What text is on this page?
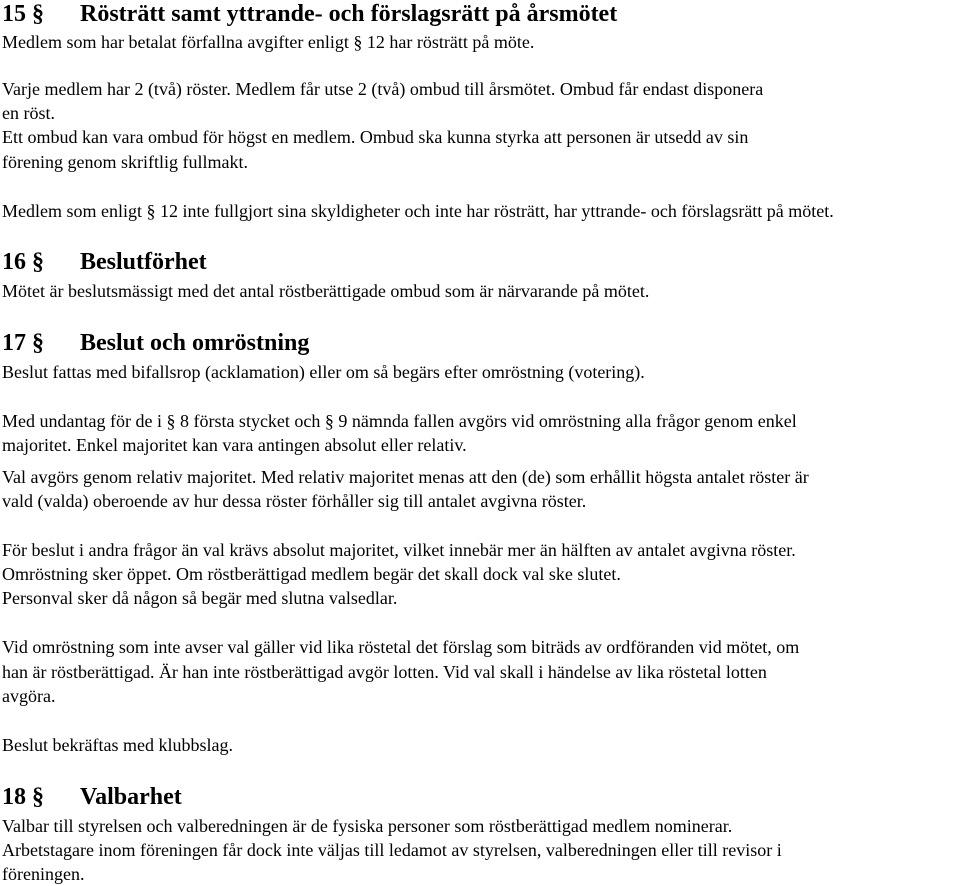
15 § Rösträtt samt yttrande- och förslagsrätt på årsmötet
Medlem som har betalat förfallna avgifter enligt § 12 har rösträtt på möte.
Varje medlem har 2 (två) röster. Medlem får utse 2 (två) ombud till årsmötet. Ombud får endast disponera
en röst.
Ett ombud kan vara ombud för högst en medlem. Ombud ska kunna styrka att personen är utsedd av sin
förening genom skriftlig fullmakt.
Medlem som enligt § 12 inte fullgjort sina skyldigheter och inte har rösträtt, har yttrande- och förslagsrätt på mötet.
16 § Beslutförhet
Mötet är beslutsmässigt med det antal röstberättigade ombud som är närvarande på mötet.
17 § Beslut och omröstning
Beslut fattas med bifallsrop (acklamation) eller om så begärs efter omröstning (votering).
Med undantag för de i § 8 första stycket och § 9 nämnda fallen avgörs vid omröstning alla frågor genom enkel
majoritet. Enkel majoritet kan vara antingen absolut eller relativ.
Val avgörs genom relativ majoritet. Med relativ majoritet menas att den (de) som erhållit högsta antalet röster är
vald (valda) oberoende av hur dessa röster förhåller sig till antalet avgivna röster.
För beslut i andra frågor än val krävs absolut majoritet, vilket innebär mer än hälften av antalet avgivna röster.
Omröstning sker öppet. Om röstberättigad medlem begär det skall dock val ske slutet.
Personval sker då någon så begär med slutna valsedlar.
Vid omröstning som inte avser val gäller vid lika röstetal det förslag som biträds av ordföranden vid mötet, om
han är röstberättigad. Är han inte röstberättigad avgör lotten. Vid val skall i händelse av lika röstetal lotten
avgöra.
Beslut bekräftas med klubbslag.
18 § Valbarhet
Valbar till styrelsen och valberedningen är de fysiska personer som röstberättigad medlem nominerar.
Arbetstagare inom föreningen får dock inte väljas till ledamot av styrelsen, valberedningen eller till revisor i
föreningen.
